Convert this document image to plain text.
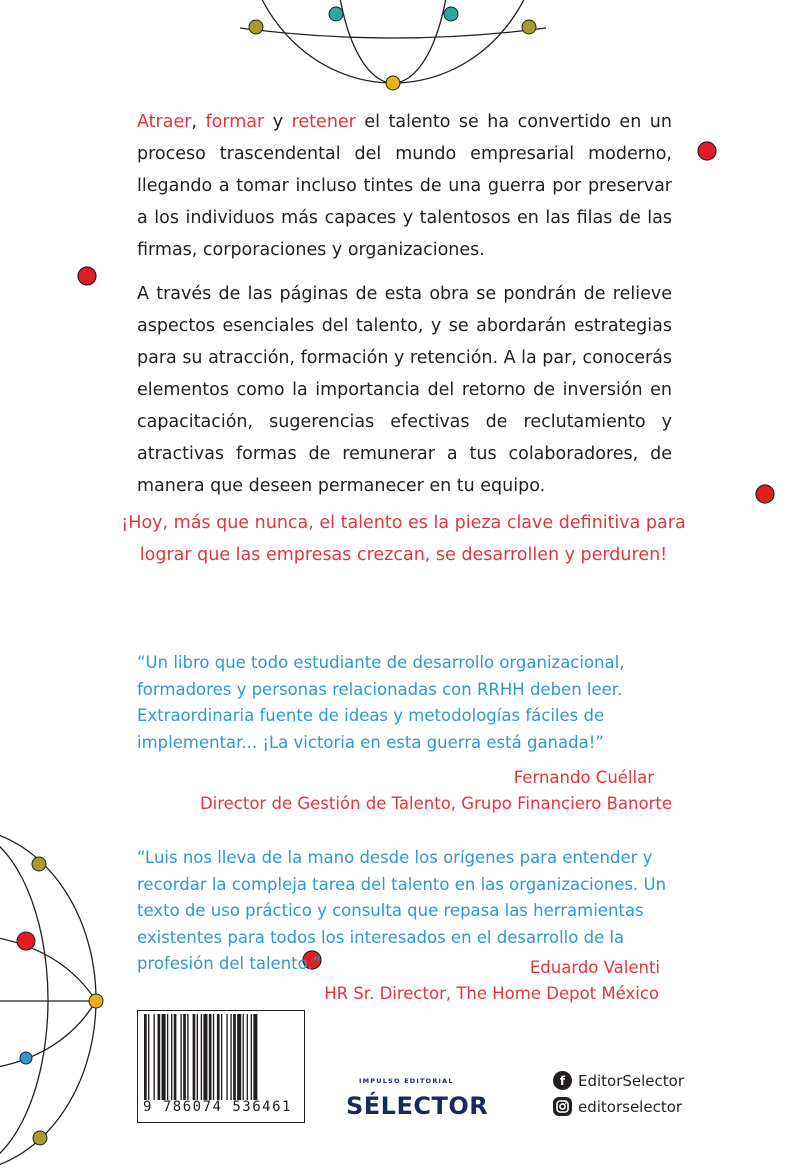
Atraer, formar y retener el talento se ha convertido en un proceso trascendental del mundo empresarial moderno, llegando a tomar incluso tintes de una guerra por preservar a los individuos más capaces y talentosos en las filas de las firmas, corporaciones y organizaciones.

A través de las páginas de esta obra se pondrán de relieve aspectos esenciales del talento, y se abordarán estrategias para su atracción, formación y retención. A la par, conocerás elementos como la importancia del retorno de inversión en capacitación, sugerencias efectivas de reclutamiento y atractivas formas de remunerar a tus colaboradores, de manera que deseen permanecer en tu equipo.

¡Hoy, más que nunca, el talento es la pieza clave definitiva para

lograr que las empresas crezcan, se desarrollen y perduren!

“Un libro que todo estudiante de desarrollo organizacional, formadores y personas relacionadas con RRHH deben leer. Extraordinaria fuente de ideas y metodologías fáciles de implementar... ¡La victoria en esta guerra está ganada!”

Fernando Cuéllar

Director de Gestión de Talento, Grupo Financiero Banorte

“Luis nos lleva de la mano desde los orígenes para entender y recordar la compleja tarea del talento en las organizaciones. Un texto de uso práctico y consulta que repasa las herramientas existentes para todos los interesados en el desarrollo de la profesión del talento.”	Eduardo Valenti

HR Sr. Director, The Home Depot México

9 786074 536461
IMPULSO EDITORIAL
SÉLECTOR
f EditorSelector
editorselector
